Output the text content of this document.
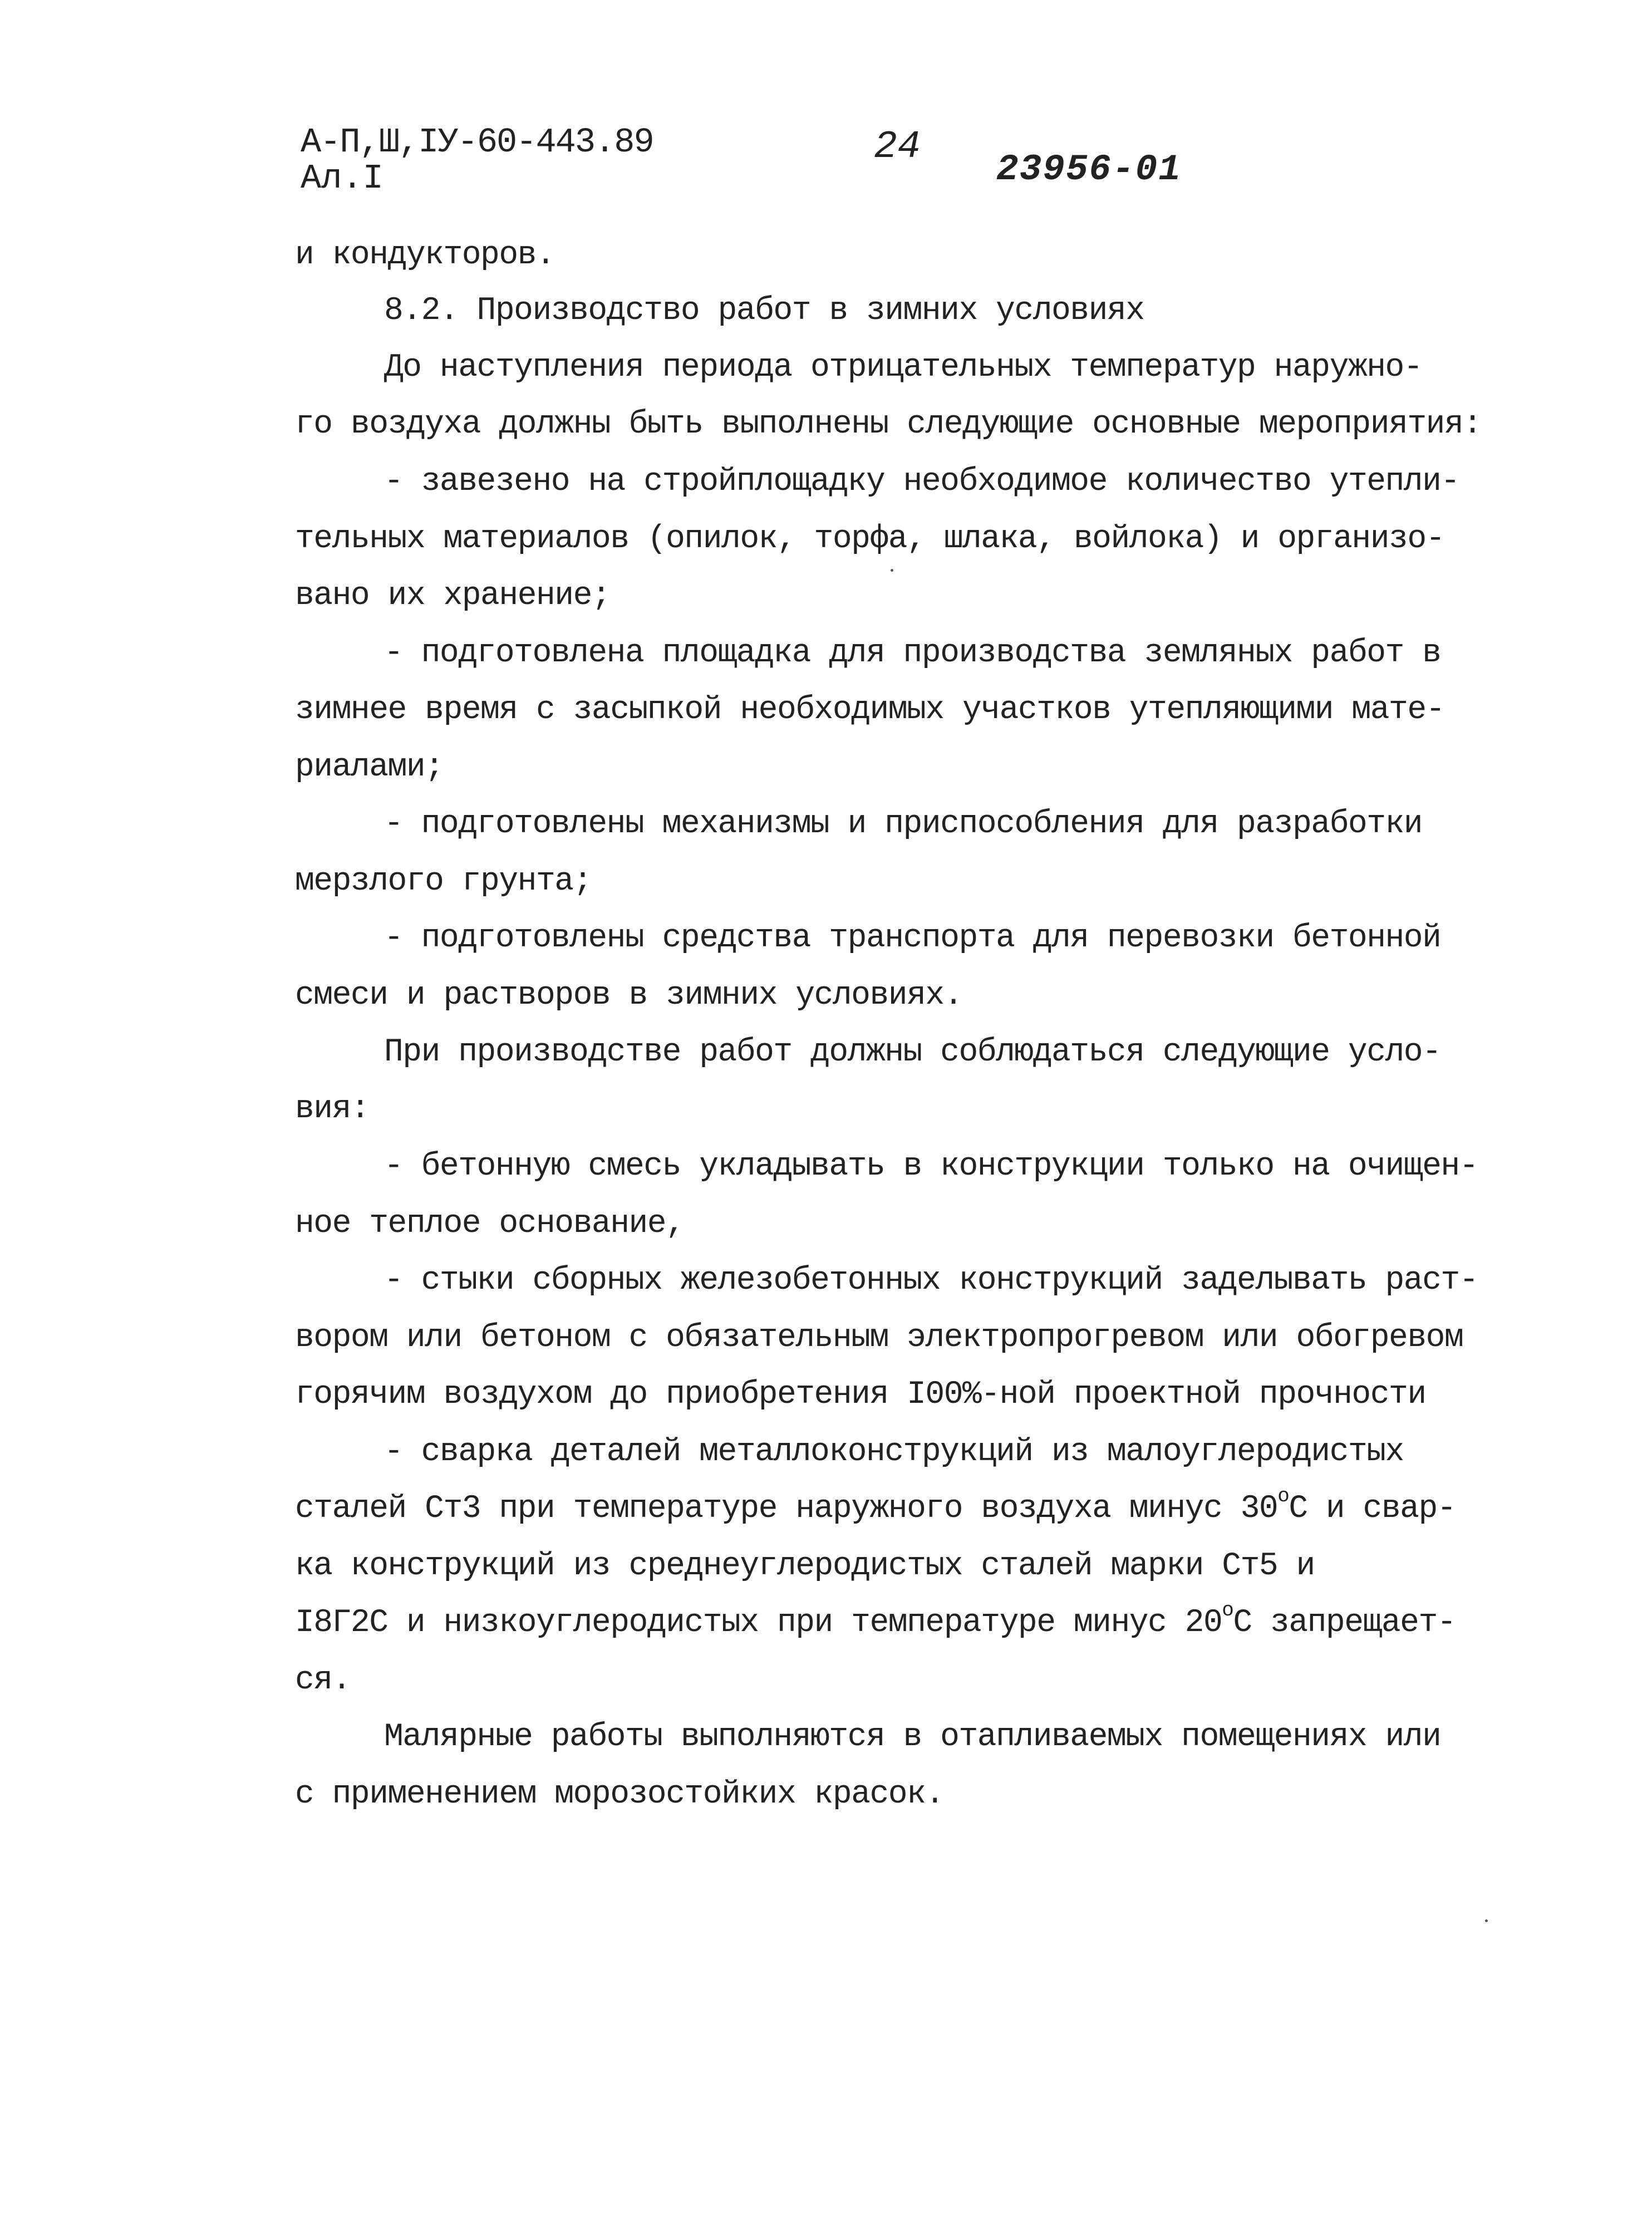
А-П,Ш,IУ-60-443.89
Ал.I
24
23956-01
и кондукторов.
8.2. Производство работ в зимних условиях
До наступления периода отрицательных температур наружно-
го воздуха должны быть выполнены следующие основные мероприятия:
- завезено на стройплощадку необходимое количество утепли-
тельных материалов (опилок, торфа, шлака, войлока) и организо-
вано их хранение;
- подготовлена площадка для производства земляных работ в
зимнее время с засыпкой необходимых участков утепляющими мате-
риалами;
- подготовлены механизмы и приспособления для разработки
мерзлого грунта;
- подготовлены средства транспорта для перевозки бетонной
смеси и растворов в зимних условиях.
При производстве работ должны соблюдаться следующие усло-
вия:
- бетонную смесь укладывать в конструкции только на очищен-
ное теплое основание,
- стыки сборных железобетонных конструкций заделывать раст-
вором или бетоном с обязательным электропрогревом или обогревом
горячим воздухом до приобретения I00%-ной проектной прочности
- сварка деталей металлоконструкций из малоуглеродистых
сталей Ст3 при температуре наружного воздуха минус $30^оС$ и свар-
ка конструкций из среднеуглеродистых сталей марки Ст5 и
I8Г2С и низкоуглеродистых при температуре минус $20^оС$ запрещает-
ся.
Малярные работы выполняются в отапливаемых помещениях или
с применением морозостойких красок.
